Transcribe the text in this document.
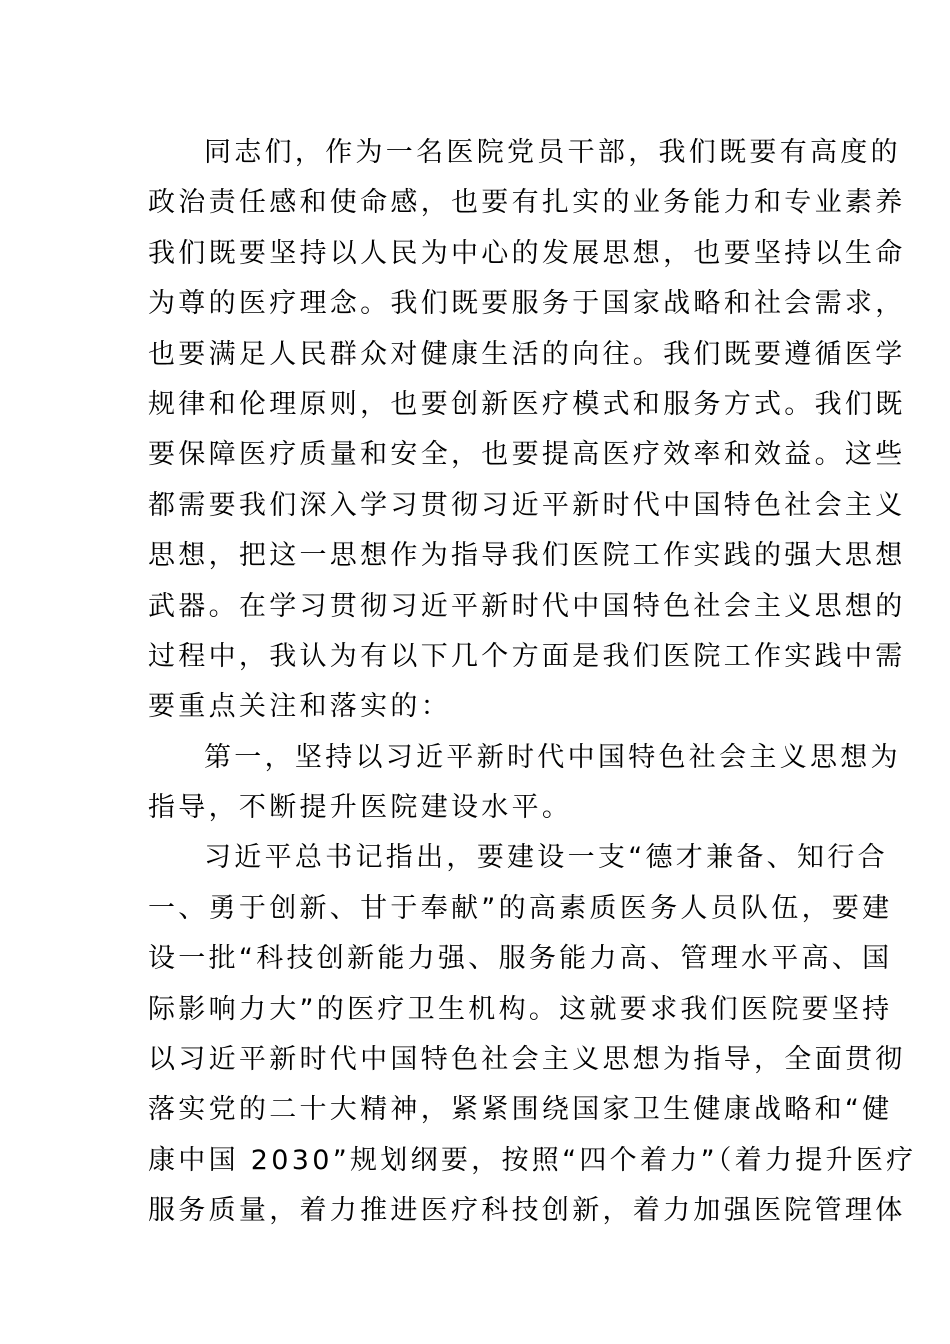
同志们，作为一名医院党员干部，我们既要有高度的
政治责任感和使命感，也要有扎实的业务能力和专业素养
我们既要坚持以人民为中心的发展思想，也要坚持以生命
为尊的医疗理念。我们既要服务于国家战略和社会需求，
也要满足人民群众对健康生活的向往。我们既要遵循医学
规律和伦理原则，也要创新医疗模式和服务方式。我们既
要保障医疗质量和安全，也要提高医疗效率和效益。这些
都需要我们深入学习贯彻习近平新时代中国特色社会主义
思想，把这一思想作为指导我们医院工作实践的强大思想
武器。在学习贯彻习近平新时代中国特色社会主义思想的
过程中，我认为有以下几个方面是我们医院工作实践中需
要重点关注和落实的：
第一，坚持以习近平新时代中国特色社会主义思想为
指导，不断提升医院建设水平。
习近平总书记指出，要建设一支“德才兼备、知行合
一、勇于创新、甘于奉献”的高素质医务人员队伍，要建
设一批“科技创新能力强、服务能力高、管理水平高、国
际影响力大”的医疗卫生机构。这就要求我们医院要坚持
以习近平新时代中国特色社会主义思想为指导，全面贯彻
落实党的二十大精神，紧紧围绕国家卫生健康战略和“健
康中国 2030”规划纲要，按照“四个着力”（着力提升医疗
服务质量，着力推进医疗科技创新，着力加强医院管理体
